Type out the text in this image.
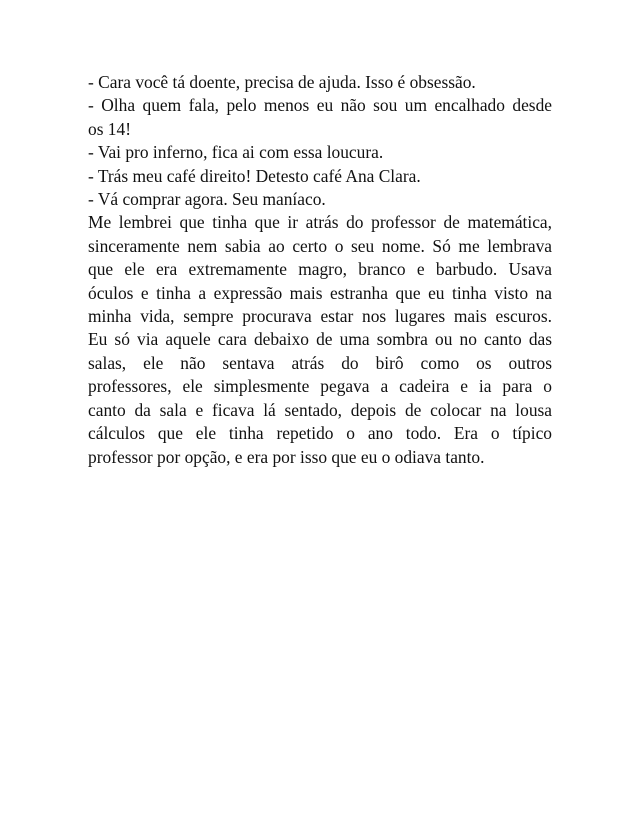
- Cara você tá doente, precisa de ajuda. Isso é obsessão.
- Olha quem fala, pelo menos eu não sou um encalhado desde
os 14!
- Vai pro inferno, fica ai com essa loucura.
- Trás meu café direito! Detesto café Ana Clara.
- Vá comprar agora. Seu maníaco.
Me lembrei que tinha que ir atrás do professor de matemática,
sinceramente nem sabia ao certo o seu nome. Só me lembrava
que ele era extremamente magro, branco e barbudo. Usava
óculos e tinha a expressão mais estranha que eu tinha visto na
minha vida, sempre procurava estar nos lugares mais escuros.
Eu só via aquele cara debaixo de uma sombra ou no canto das
salas, ele não sentava atrás do birô como os outros
professores, ele simplesmente pegava a cadeira e ia para o
canto da sala e ficava lá sentado, depois de colocar na lousa
cálculos que ele tinha repetido o ano todo. Era o típico
professor por opção, e era por isso que eu o odiava tanto.
